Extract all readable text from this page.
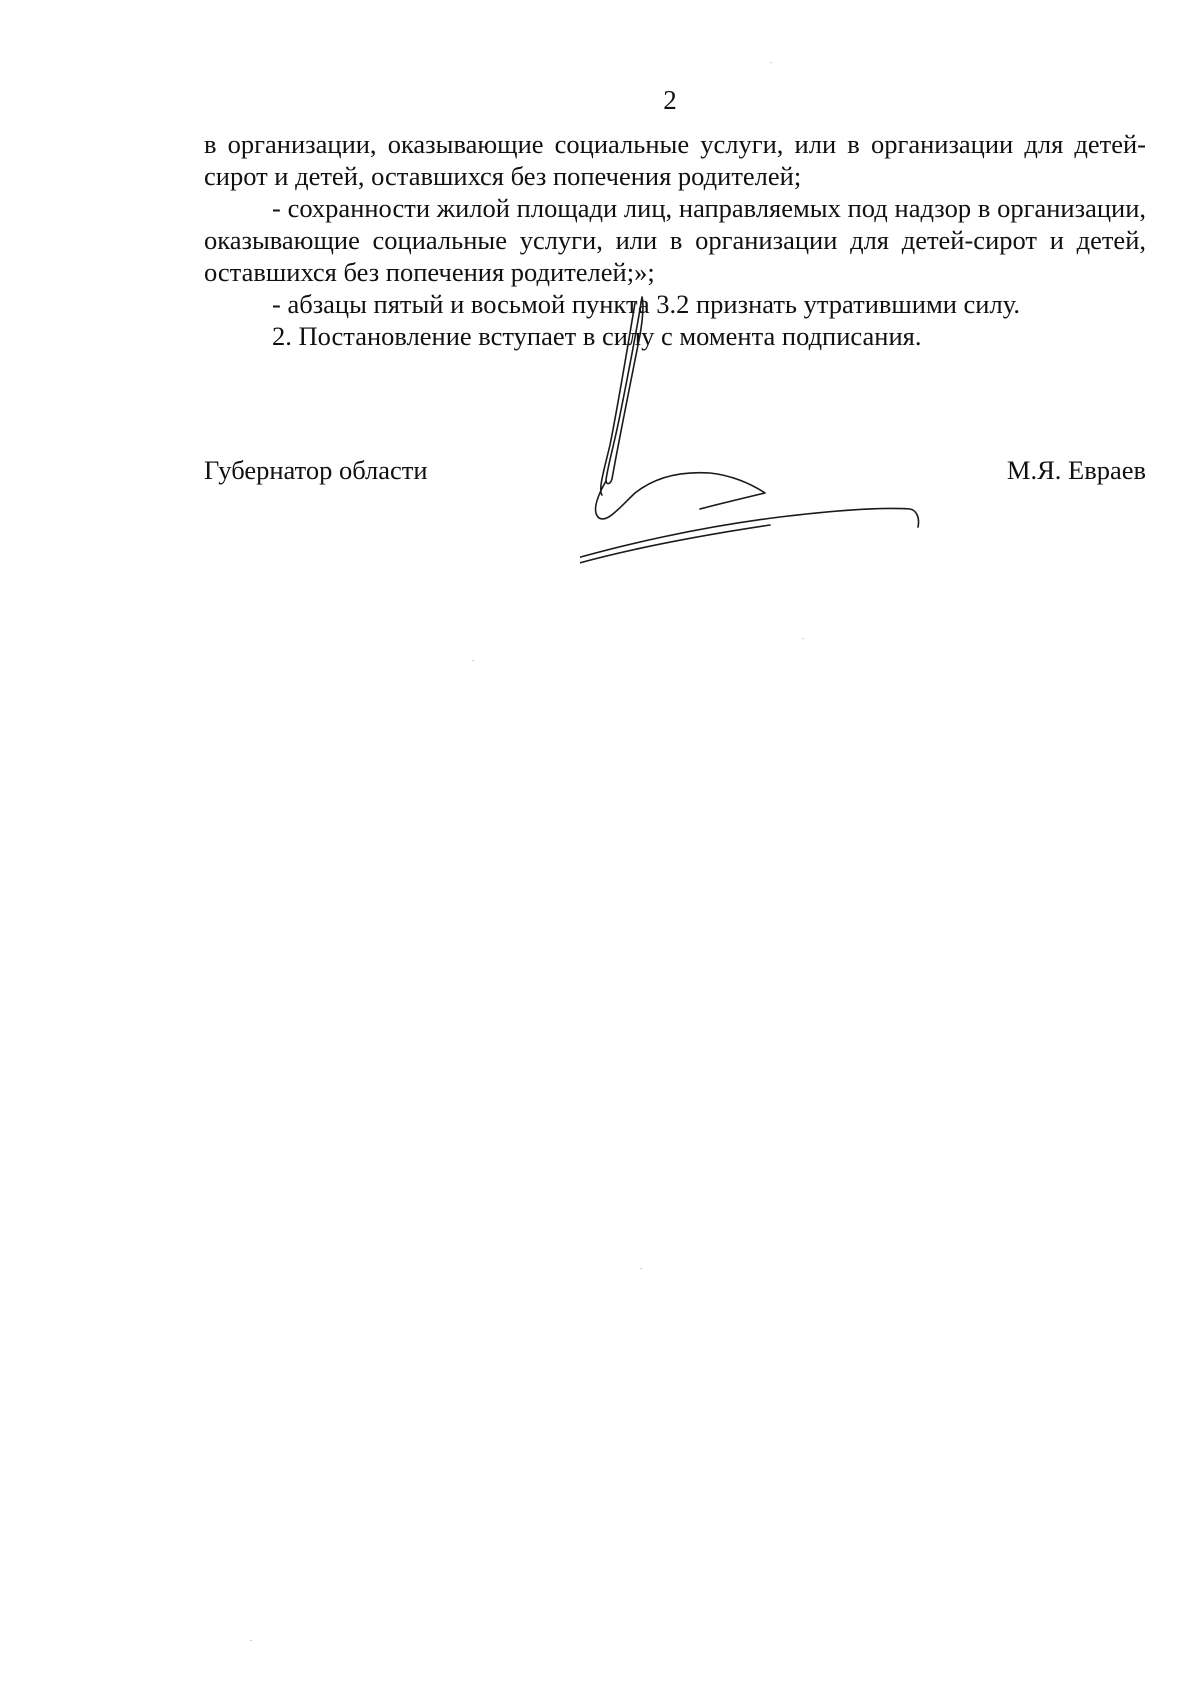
2

в организации, оказывающие социальные услуги, или в организации для детей-сирот и детей, оставшихся без попечения родителей;

- сохранности жилой площади лиц, направляемых под надзор в организации, оказывающие социальные услуги, или в организации для детей-сирот и детей, оставшихся без попечения родителей;»;

- абзацы пятый и восьмой пункта 3.2 признать утратившими силу.

2. Постановление вступает в силу с момента подписания.

Губернатор области	М.Я. Евраев
